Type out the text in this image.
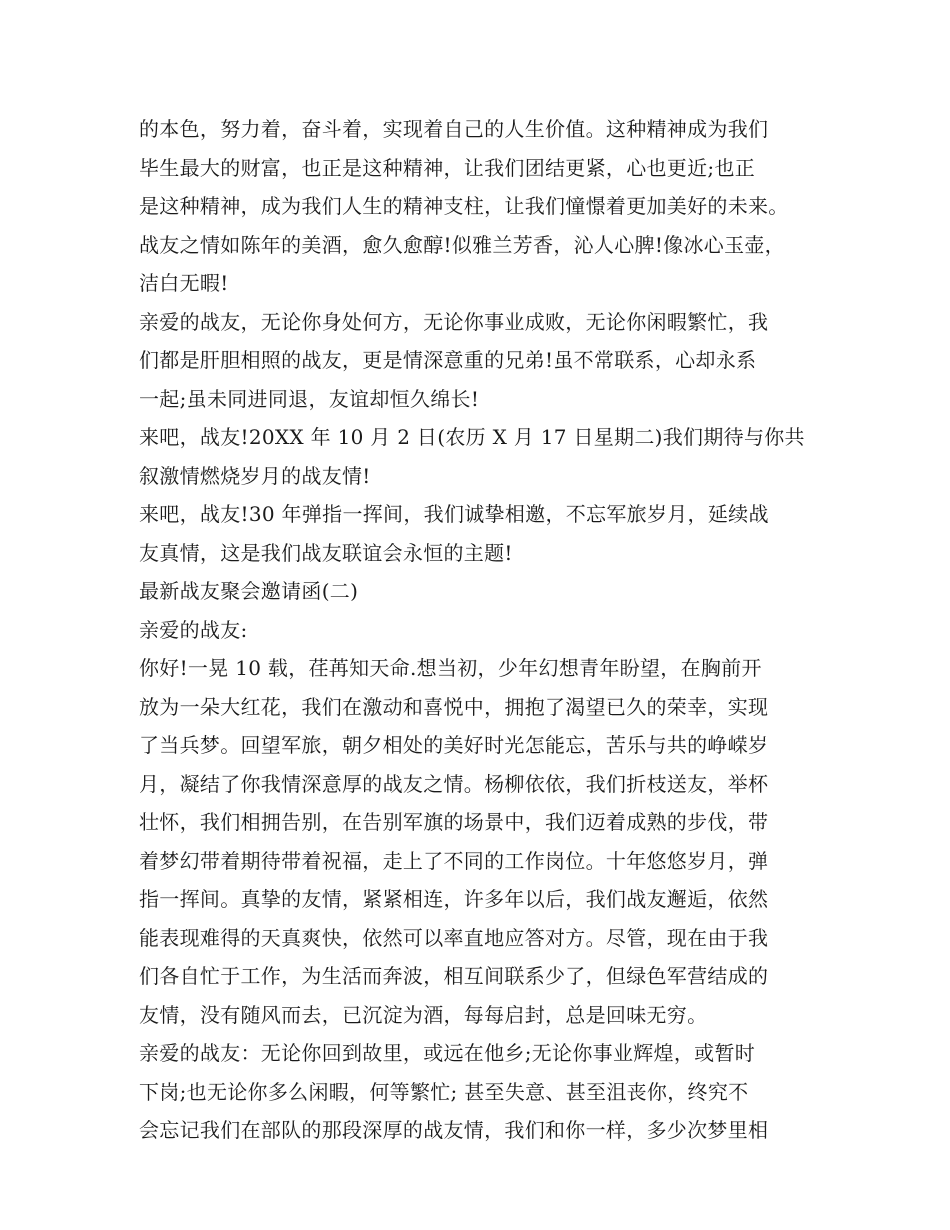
的本色，努力着，奋斗着，实现着自己的人生价值。这种精神成为我们
毕生最大的财富，也正是这种精神，让我们团结更紧，心也更近;也正
是这种精神，成为我们人生的精神支柱，让我们憧憬着更加美好的未来。
战友之情如陈年的美酒，愈久愈醇!似雅兰芳香，沁人心脾!像冰心玉壶，
洁白无暇!
亲爱的战友，无论你身处何方，无论你事业成败，无论你闲暇繁忙，我
们都是肝胆相照的战友，更是情深意重的兄弟!虽不常联系，心却永系
一起;虽未同进同退，友谊却恒久绵长!
来吧，战友!20XX 年 10 月 2 日(农历 X 月 17 日星期二)我们期待与你共
叙激情燃烧岁月的战友情!
来吧，战友!30 年弹指一挥间，我们诚挚相邀，不忘军旅岁月，延续战
友真情，这是我们战友联谊会永恒的主题!
最新战友聚会邀请函(二)
亲爱的战友:
你好!一晃 10 载，荏苒知天命.想当初，少年幻想青年盼望，在胸前开
放为一朵大红花，我们在激动和喜悦中，拥抱了渴望已久的荣幸，实现
了当兵梦。回望军旅，朝夕相处的美好时光怎能忘，苦乐与共的峥嵘岁
月，凝结了你我情深意厚的战友之情。杨柳依依，我们折枝送友，举杯
壮怀，我们相拥告别，在告别军旗的场景中，我们迈着成熟的步伐，带
着梦幻带着期待带着祝福，走上了不同的工作岗位。十年悠悠岁月，弹
指一挥间。真挚的友情，紧紧相连，许多年以后，我们战友邂逅，依然
能表现难得的天真爽快，依然可以率直地应答对方。尽管，现在由于我
们各自忙于工作，为生活而奔波，相互间联系少了，但绿色军营结成的
友情，没有随风而去，已沉淀为酒，每每启封，总是回味无穷。
亲爱的战友：无论你回到故里，或远在他乡;无论你事业辉煌，或暂时
下岗;也无论你多么闲暇，何等繁忙; 甚至失意、甚至沮丧你，终究不
会忘记我们在部队的那段深厚的战友情，我们和你一样，多少次梦里相
